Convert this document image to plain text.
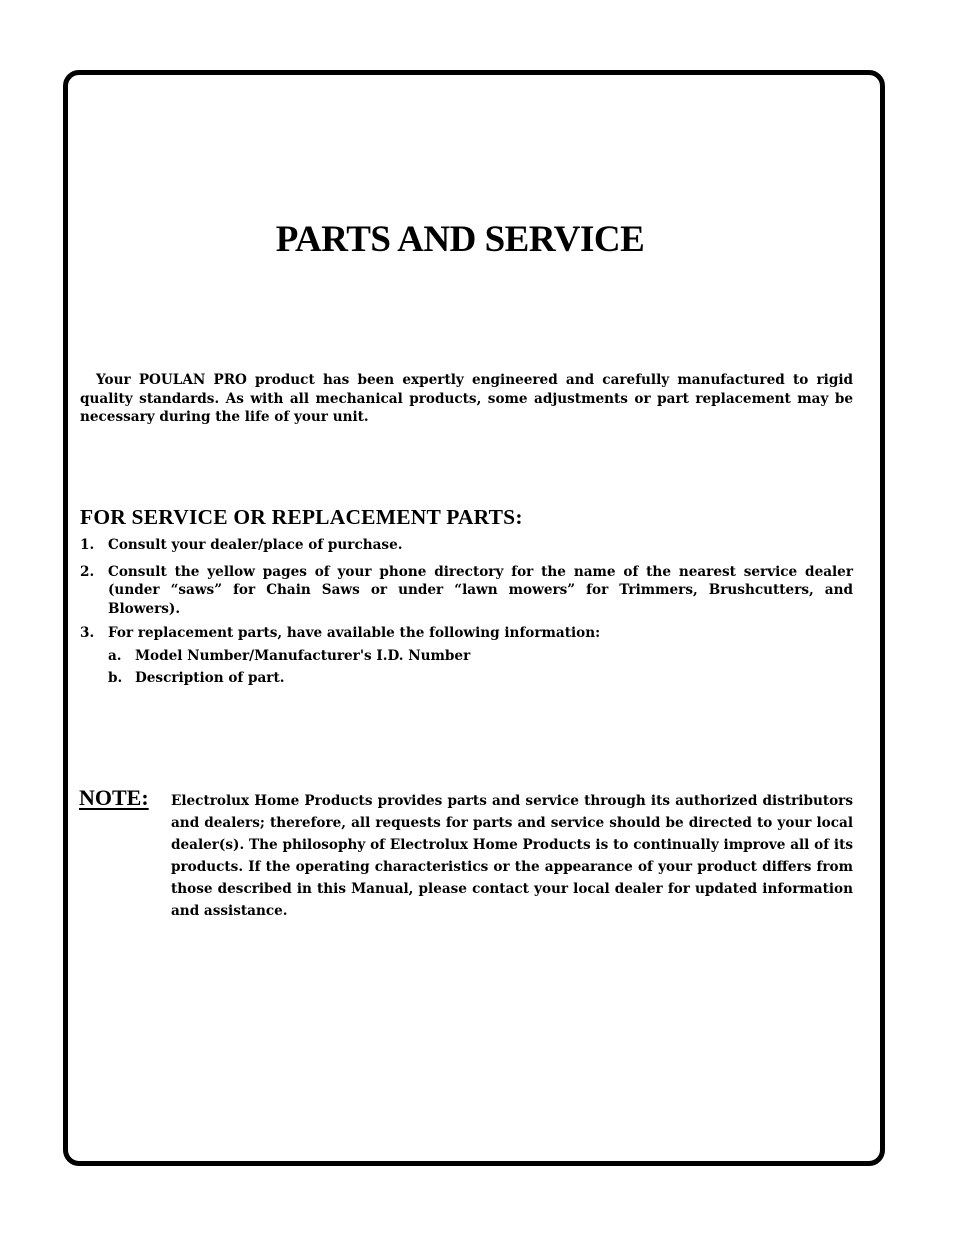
PARTS AND SERVICE

Your POULAN PRO product has been expertly engineered and carefully manufactured to rigid quality standards. As with all mechanical products, some adjustments or part replacement may be necessary during the life of your unit.

FOR SERVICE OR REPLACEMENT PARTS:
1. Consult your dealer/place of purchase.
2. Consult the yellow pages of your phone directory for the name of the nearest service dealer (under “saws” for Chain Saws or under “lawn mowers” for Trimmers, Brushcutters, and Blowers).
3. For replacement parts, have available the following information:
a. Model Number/Manufacturer's I.D. Number
b. Description of part.
NOTE: Electrolux Home Products provides parts and service through its authorized distributors and dealers; therefore, all requests for parts and service should be directed to your local dealer(s). The philosophy of Electrolux Home Products is to continually improve all of its products. If the operating characteristics or the appearance of your product differs from those described in this Manual, please contact your local dealer for updated information and assistance.
